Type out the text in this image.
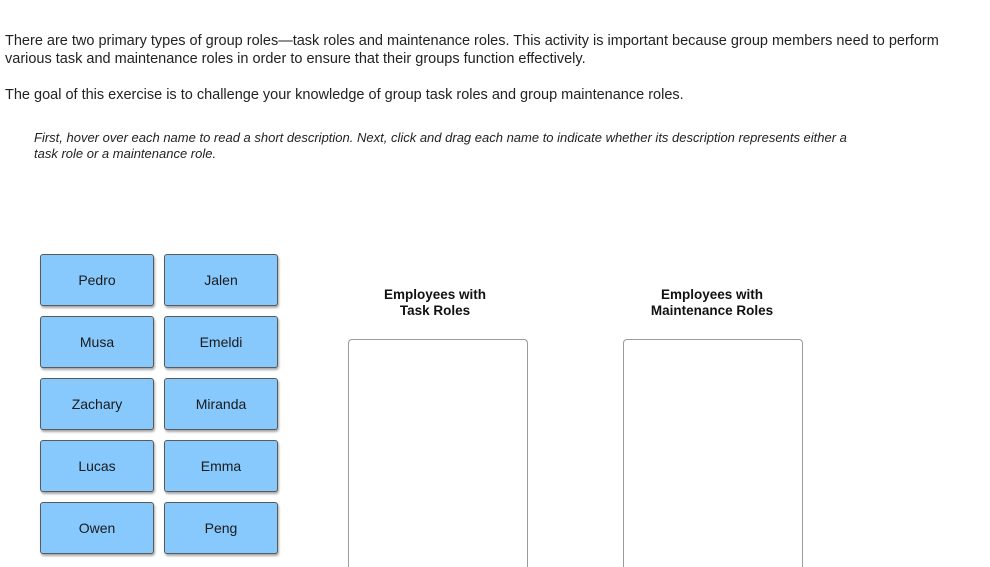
There are two primary types of group roles—task roles and maintenance roles. This activity is important because group members need to perform various task and maintenance roles in order to ensure that their groups function effectively.

The goal of this exercise is to challenge your knowledge of group task roles and group maintenance roles.

First, hover over each name to read a short description. Next, click and drag each name to indicate whether its description represents either a task role or a maintenance role.

Pedro	Jalen
Musa	Emeldi
Zachary	Miranda
Lucas	Emma
Owen	Peng
Employees with
Task Roles
Employees with
Maintenance Roles
